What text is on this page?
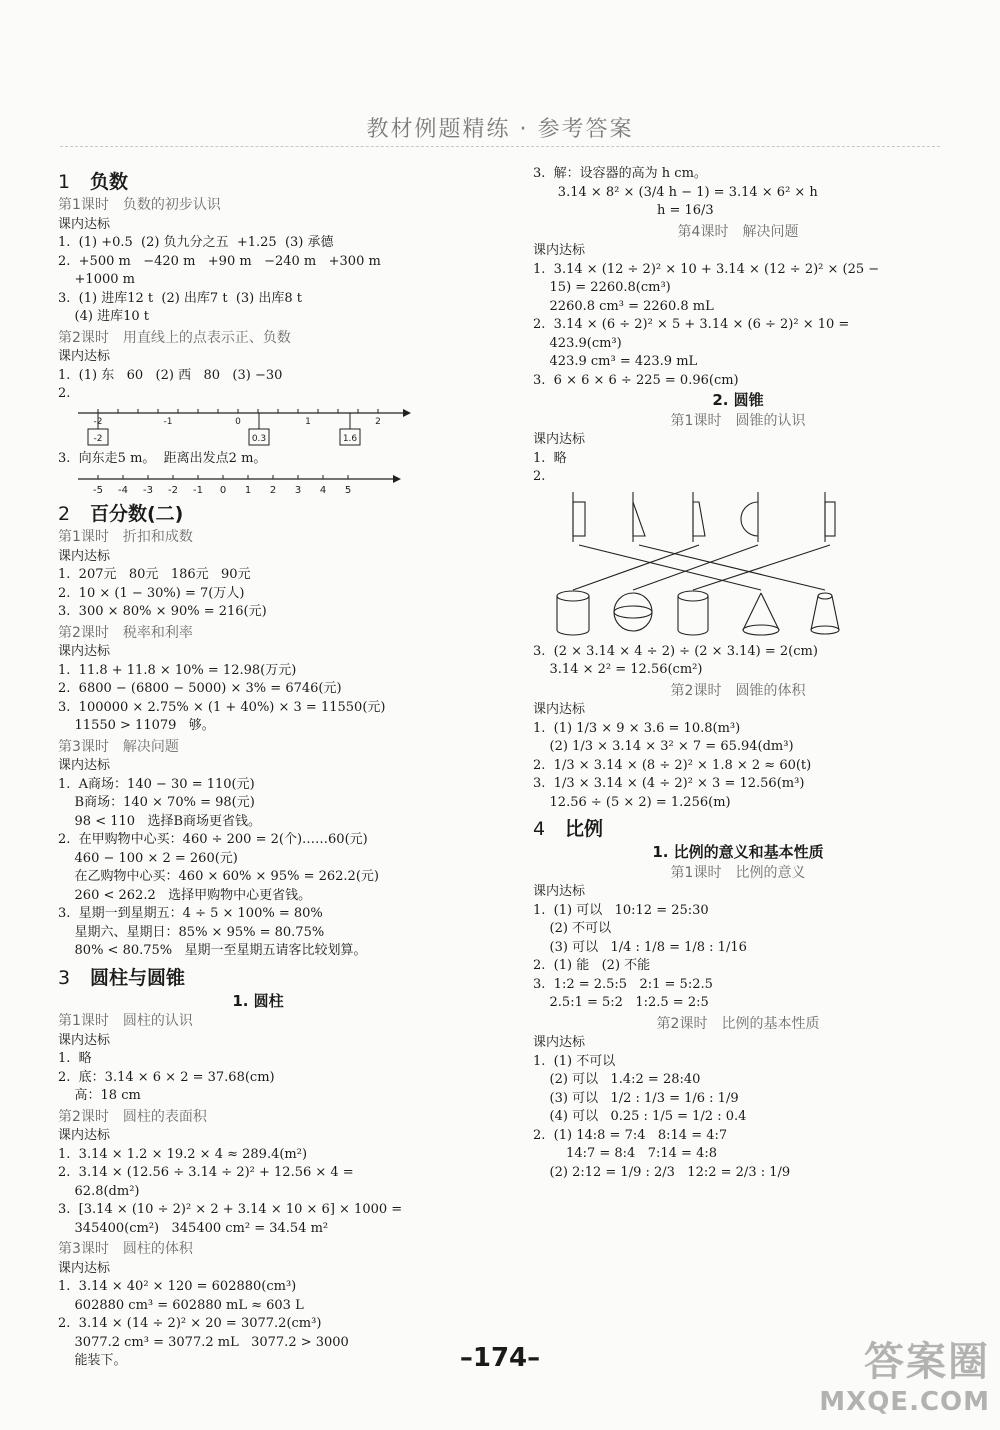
教材例题精练 · 参考答案
1 负数
第1课时　负数的初步认识
课内达标
1.  (1) +0.5  (2) 负九分之五  +1.25  (3) 承德
2.  +500 m   −420 m   +90 m   −240 m   +300 m
+1000 m
3.  (1) 进库12 t  (2) 出库7 t  (3) 出库8 t
(4) 进库10 t
第2课时　用直线上的点表示正、负数
课内达标
1.  (1) 东   60   (2) 西   80   (3) −30
2.
-2	-1	0	1	2
-2	0.3	1.6
3.  向东走5 m。  距离出发点2 m。
-5 -4 -3 -2 -1 0 1 2 3 4 5
2 百分数(二)
第1课时　折扣和成数
课内达标
1.  207元   80元   186元   90元
2.  10 × (1 − 30%) = 7(万人)
3.  300 × 80% × 90% = 216(元)
第2课时　税率和利率
课内达标
1.  11.8 + 11.8 × 10% = 12.98(万元)
2.  6800 − (6800 − 5000) × 3% = 6746(元)
3.  100000 × 2.75% × (1 + 40%) × 3 = 11550(元)
11550 > 11079   够。
第3课时　解决问题
课内达标
1.  A商场：140 − 30 = 110(元)
B商场：140 × 70% = 98(元)
98 < 110   选择B商场更省钱。
2.  在甲购物中心买：460 ÷ 200 = 2(个)……60(元)
460 − 100 × 2 = 260(元)
在乙购物中心买：460 × 60% × 95% = 262.2(元)
260 < 262.2   选择甲购物中心更省钱。
3.  星期一到星期五：4 ÷ 5 × 100% = 80%
星期六、星期日：85% × 95% = 80.75%
80% < 80.75%   星期一至星期五请客比较划算。
3 圆柱与圆锥
1. 圆柱
第1课时　圆柱的认识
课内达标
1.  略
2.  底：3.14 × 6 × 2 = 37.68(cm)
高：18 cm
第2课时　圆柱的表面积
课内达标
1.  3.14 × 1.2 × 19.2 × 4 ≈ 289.4(m²)
2.  3.14 × (12.56 ÷ 3.14 ÷ 2)² + 12.56 × 4 =
62.8(dm²)
3.  [3.14 × (10 ÷ 2)² × 2 + 3.14 × 10 × 6] × 1000 =
345400(cm²)   345400 cm² = 34.54 m²
第3课时　圆柱的体积
课内达标
1.  3.14 × 40² × 120 = 602880(cm³)
602880 cm³ = 602880 mL ≈ 603 L
2.  3.14 × (14 ÷ 2)² × 20 = 3077.2(cm³)
3077.2 cm³ = 3077.2 mL   3077.2 > 3000
能装下。
3.  解：设容器的高为 h cm。
3.14 × 8² × (3/4 h − 1) = 3.14 × 6² × h
h = 16/3
第4课时　解决问题
课内达标
1.  3.14 × (12 ÷ 2)² × 10 + 3.14 × (12 ÷ 2)² × (25 −
15) = 2260.8(cm³)
2260.8 cm³ = 2260.8 mL
2.  3.14 × (6 ÷ 2)² × 5 + 3.14 × (6 ÷ 2)² × 10 =
423.9(cm³)
423.9 cm³ = 423.9 mL
3.  6 × 6 × 6 ÷ 225 = 0.96(cm)
2. 圆锥
第1课时　圆锥的认识
课内达标
1.  略
2.
3.  (2 × 3.14 × 4 ÷ 2) ÷ (2 × 3.14) = 2(cm)
3.14 × 2² = 12.56(cm²)
第2课时　圆锥的体积
课内达标
1.  (1) 1/3 × 9 × 3.6 = 10.8(m³)
(2) 1/3 × 3.14 × 3² × 7 = 65.94(dm³)
2.  1/3 × 3.14 × (8 ÷ 2)² × 1.8 × 2 ≈ 60(t)
3.  1/3 × 3.14 × (4 ÷ 2)² × 3 = 12.56(m³)
12.56 ÷ (5 × 2) = 1.256(m)
4 比例
1. 比例的意义和基本性质
第1课时　比例的意义
课内达标
1.  (1) 可以   10:12 = 25:30
(2) 不可以
(3) 可以   1/4 : 1/8 = 1/8 : 1/16
2.  (1) 能   (2) 不能
3.  1:2 = 2.5:5   2:1 = 5:2.5
2.5:1 = 5:2   1:2.5 = 2:5
第2课时　比例的基本性质
课内达标
1.  (1) 不可以
(2) 可以   1.4:2 = 28:40
(3) 可以   1/2 : 1/3 = 1/6 : 1/9
(4) 可以   0.25 : 1/5 = 1/2 : 0.4
2.  (1) 14:8 = 7:4   8:14 = 4:7
14:7 = 8:4   7:14 = 4:8
(2) 2:12 = 1/9 : 2/3   12:2 = 2/3 : 1/9
–174–	答案圈
MXQE.COM
